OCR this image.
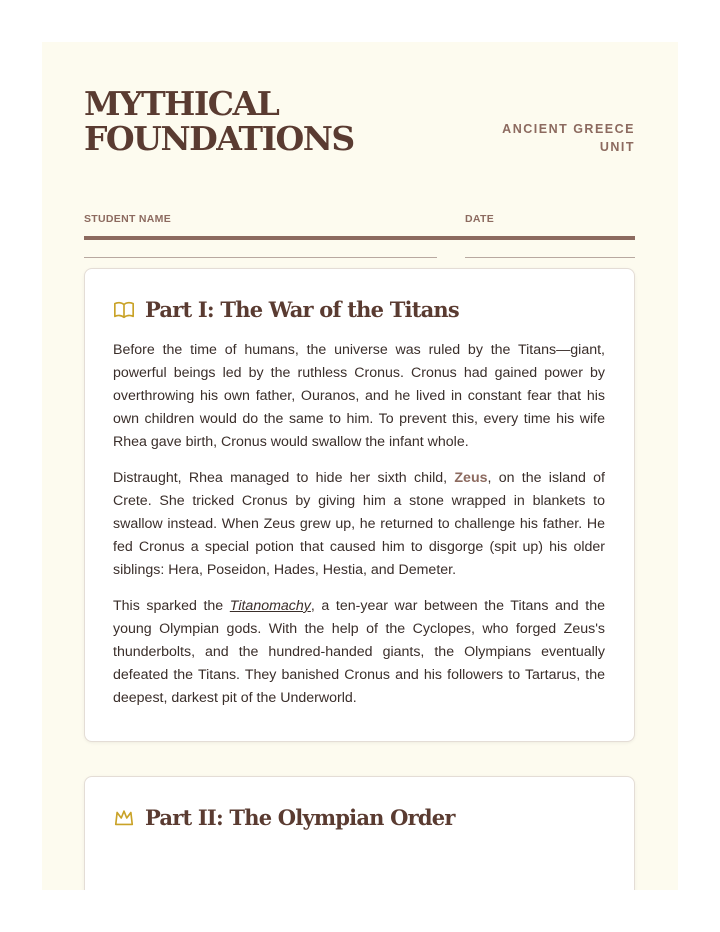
MYTHICAL
FOUNDATIONS	ANCIENT GREECE
UNIT
STUDENT NAME	DATE
Part I: The War of the Titans

Before the time of humans, the universe was ruled by the Titans—giant, powerful beings led by the ruthless Cronus. Cronus had gained power by overthrowing his own father, Ouranos, and he lived in constant fear that his own children would do the same to him. To prevent this, every time his wife Rhea gave birth, Cronus would swallow the infant whole.

Distraught, Rhea managed to hide her sixth child, Zeus, on the island of Crete. She tricked Cronus by giving him a stone wrapped in blankets to swallow instead. When Zeus grew up, he returned to challenge his father. He fed Cronus a special potion that caused him to disgorge (spit up) his older siblings: Hera, Poseidon, Hades, Hestia, and Demeter.

This sparked the Titanomachy, a ten-year war between the Titans and the young Olympian gods. With the help of the Cyclopes, who forged Zeus's thunderbolts, and the hundred-handed giants, the Olympians eventually defeated the Titans. They banished Cronus and his followers to Tartarus, the deepest, darkest pit of the Underworld.

Part II: The Olympian Order
